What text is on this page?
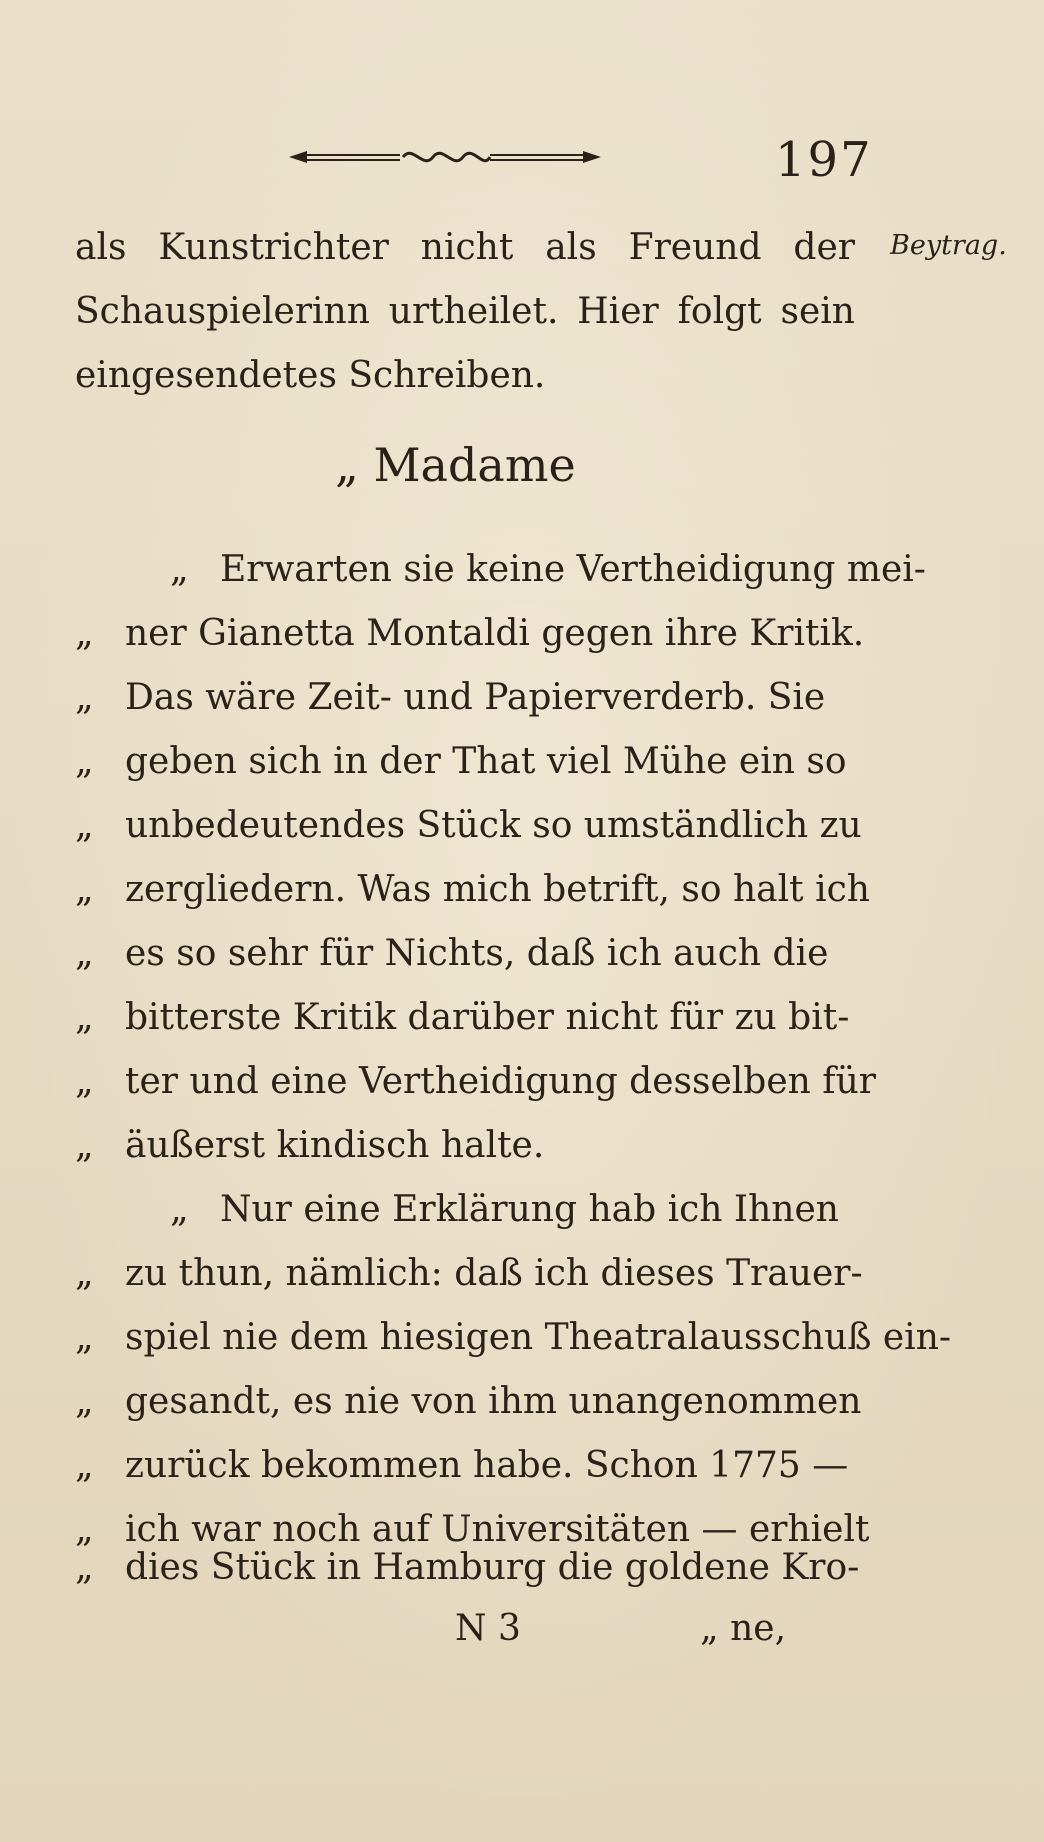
197
Beytrag.
als Kunstrichter nicht als Freund der
Schauspielerinn urtheilet. Hier folgt sein
eingesendetes Schreiben.
„ Madame
„ Erwarten sie keine Vertheidigung mei-
„ ner Gianetta Montaldi gegen ihre Kritik.
„ Das wäre Zeit- und Papierverderb. Sie
„ geben sich in der That viel Mühe ein so
„ unbedeutendes Stück so umständlich zu
„ zergliedern. Was mich betrift, so halt ich
„ es so sehr für Nichts, daß ich auch die
„ bitterste Kritik darüber nicht für zu bit-
„ ter und eine Vertheidigung desselben für
„ äußerst kindisch halte.
„ Nur eine Erklärung hab ich Ihnen
„ zu thun, nämlich: daß ich dieses Trauer-
„ spiel nie dem hiesigen Theatralausschuß ein-
„ gesandt, es nie von ihm unangenommen
„ zurück bekommen habe. Schon 1775 —
„ ich war noch auf Universitäten — erhielt
„ dies Stück in Hamburg die goldene Kro-
N 3	„ ne,
